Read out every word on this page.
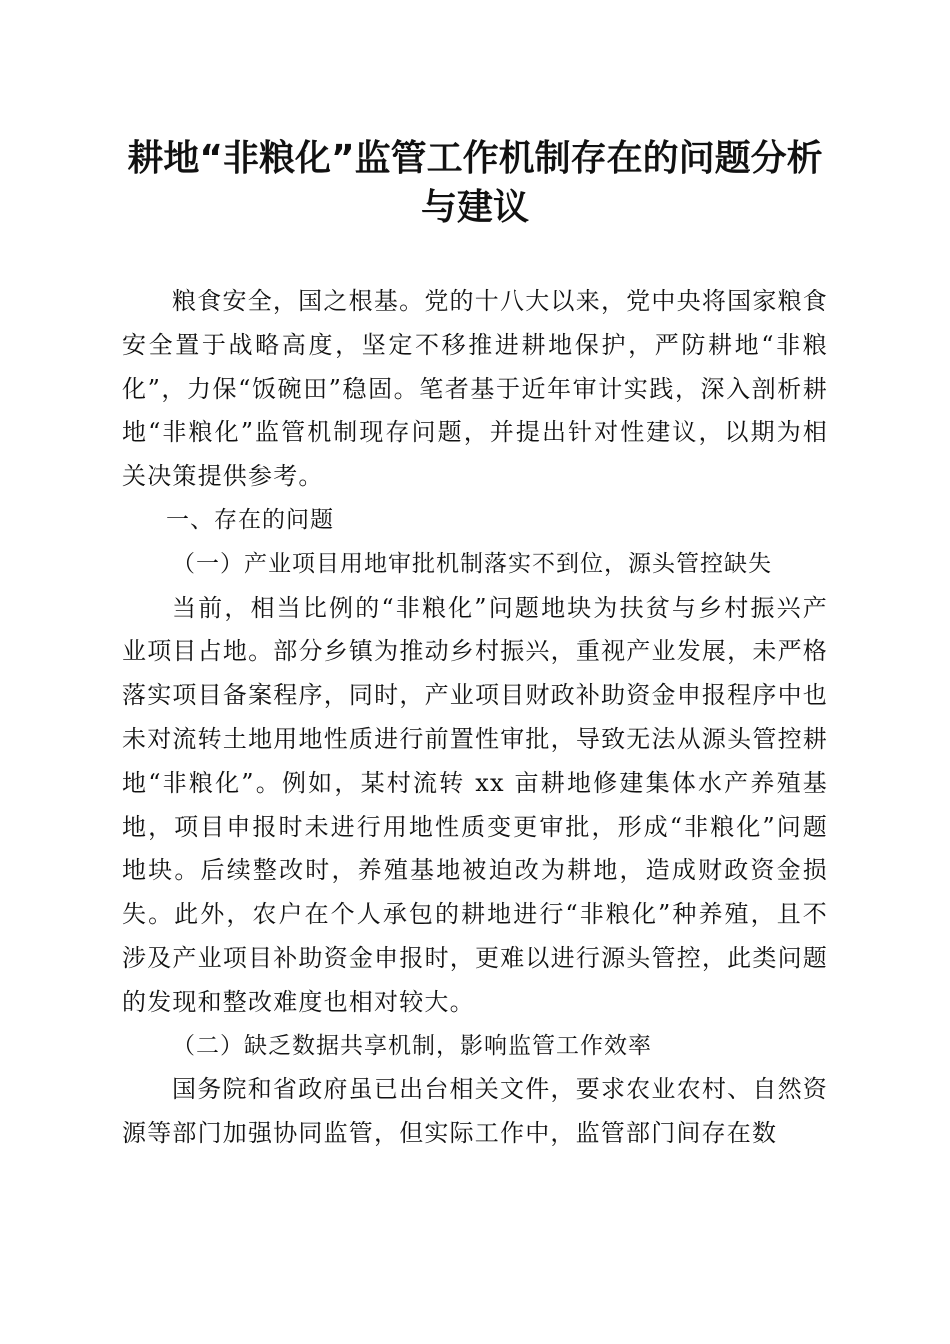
耕地“非粮化”监管工作机制存在的问题分析
与建议

粮食安全，国之根基。党的十八大以来，党中央将国家粮食安全置于战略高度，坚定不移推进耕地保护，严防耕地“非粮化”，力保“饭碗田”稳固。笔者基于近年审计实践，深入剖析耕地“非粮化”监管机制现存问题，并提出针对性建议，以期为相关决策提供参考。

一、存在的问题

（一）产业项目用地审批机制落实不到位，源头管控缺失

当前，相当比例的“非粮化”问题地块为扶贫与乡村振兴产业项目占地。部分乡镇为推动乡村振兴，重视产业发展，未严格落实项目备案程序，同时，产业项目财政补助资金申报程序中也未对流转土地用地性质进行前置性审批，导致无法从源头管控耕地“非粮化”。例如，某村流转 xx 亩耕地修建集体水产养殖基地，项目申报时未进行用地性质变更审批，形成“非粮化”问题地块。后续整改时，养殖基地被迫改为耕地，造成财政资金损失。此外，农户在个人承包的耕地进行“非粮化”种养殖，且不涉及产业项目补助资金申报时，更难以进行源头管控，此类问题的发现和整改难度也相对较大。

（二）缺乏数据共享机制，影响监管工作效率

国务院和省政府虽已出台相关文件，要求农业农村、自然资源等部门加强协同监管，但实际工作中，监管部门间存在数
